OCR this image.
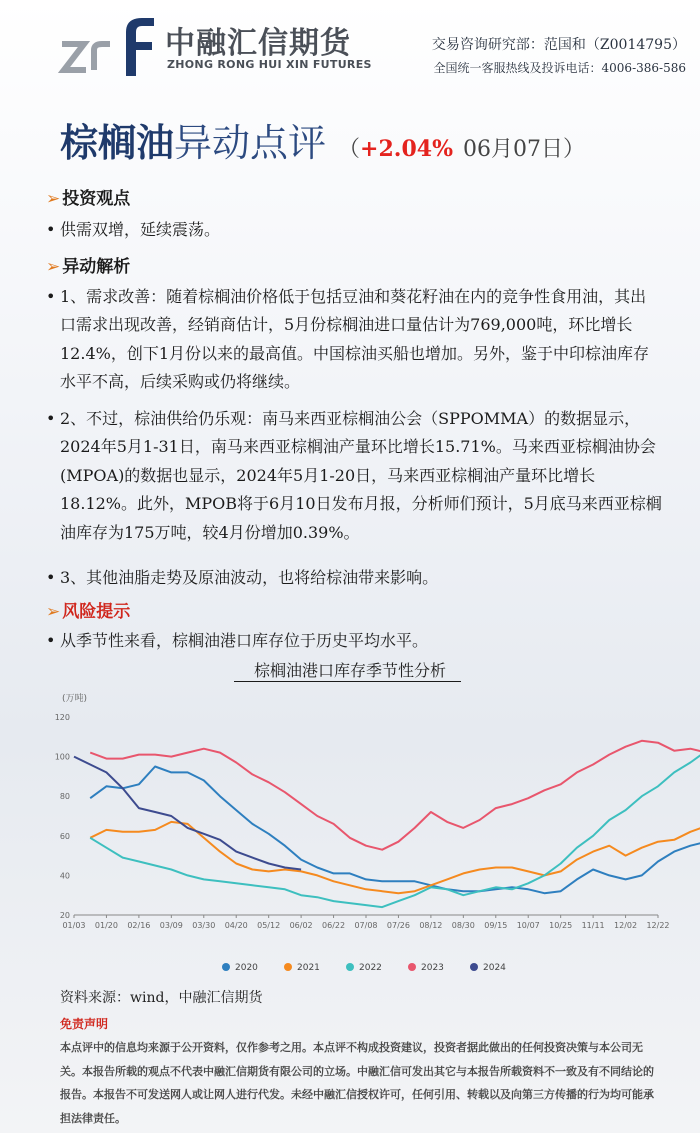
中融汇信期货
ZHONG RONG HUI XIN FUTURES
交易咨询研究部：范国和（Z0014795）
全国统一客服热线及投诉电话：4006-386-586
棕榈油异动点评 （+2.04% 06月07日）
➢ 投资观点
• 供需双增，延续震荡。
➢ 异动解析
• 1、需求改善：随着棕榈油价格低于包括豆油和葵花籽油在内的竞争性食用油，其出口需求出现改善，经销商估计，5月份棕榈油进口量估计为769,000吨，环比增长12.4%，创下1月份以来的最高值。中国棕油买船也增加。另外，鉴于中印棕油库存水平不高，后续采购或仍将继续。
• 2、不过，棕油供给仍乐观：南马来西亚棕榈油公会（SPPOMMA）的数据显示，2024年5月1-31日，南马来西亚棕榈油产量环比增长15.71%。马来西亚棕榈油协会(MPOA)的数据也显示，2024年5月1-20日，马来西亚棕榈油产量环比增长18.12%。此外，MPOB将于6月10日发布月报，分析师们预计，5月底马来西亚棕榈油库存为175万吨，较4月份增加0.39%。
• 3、其他油脂走势及原油波动，也将给棕油带来影响。
➢ 风险提示
• 从季节性来看，棕榈油港口库存位于历史平均水平。
棕榈油港口库存季节性分析
(万吨)
20
40
60
80
100
120
01/03 01/20 02/16 03/09 03/30 04/20 05/12 06/02 06/22 07/08 07/26 08/12 08/30 09/15 10/07 10/25 11/11 12/02 12/22
2020	2021	2022	2023	2024
资料来源：wind，中融汇信期货
免责声明
本点评中的信息均来源于公开资料，仅作参考之用。本点评不构成投资建议，投资者据此做出的任何投资决策与本公司无关。本报告所载的观点不代表中融汇信期货有限公司的立场。中融汇信可发出其它与本报告所载资料不一致及有不同结论的报告。本报告不可发送网人或让网人进行代发。未经中融汇信授权许可，任何引用、转载以及向第三方传播的行为均可能承担法律责任。
